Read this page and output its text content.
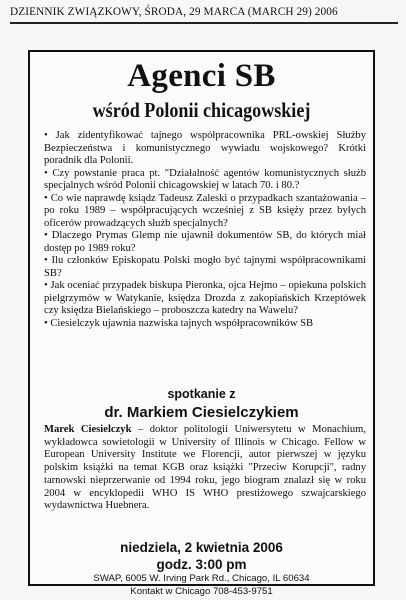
DZIENNIK ZWIĄZKOWY, ŚRODA, 29 MARCA (MARCH 29) 2006
Agenci SB
wśród Polonii chicagowskiej
• Jak zidentyfikować tajnego współpracownika PRL-owskiej Służby Bezpieczeństwa i komunistycznego wywiadu wojskowego? Krótki poradnik dla Polonii.
• Czy powstanie praca pt. "Działalność agentów komunistycznych służb specjalnych wśród Polonii chicagowskiej w latach 70. i 80.?
• Co wie naprawdę ksiądz Tadeusz Zaleski o przypadkach szantażowania – po roku 1989 – współpracujących wcześniej z SB księży przez byłych oficerów prowadzących służb specjalnych?
• Dlaczego Prymas Glemp nie ujawnił dokumentów SB, do których miał dostęp po 1989 roku?
• Ilu członków Episkopatu Polski mogło być tajnymi współpracownikami SB?
• Jak oceniać przypadek biskupa Pieronka, ojca Hejmo – opiekuna polskich pielgrzymów w Watykanie, księdza Drozda z zakopiańskich Krzeptówek czy księdza Bielańskiego – proboszcza katedry na Wawelu?
• Ciesielczyk ujawnia nazwiska tajnych współpracowników SB
spotkanie z
dr. Markiem Ciesielczykiem
Marek Ciesielczyk – doktor politologii Uniwersytetu w Monachium, wykładowca sowietologii w University of Illinois w Chicago. Fellow w European University Institute we Florencji, autor pierwszej w języku polskim książki na temat KGB oraz książki "Przeciw Korupcji", radny tarnowski nieprzerwanie od 1994 roku, jego biogram znalazł się w roku 2004 w encyklopedii WHO IS WHO prestiżowego szwajcarskiego wydawnictwa Huebnera.
niedziela, 2 kwietnia 2006
godz. 3:00 pm
SWAP, 6005 W. Irving Park Rd., Chicago, IL 60634
Kontakt w Chicago 708-453-9751
